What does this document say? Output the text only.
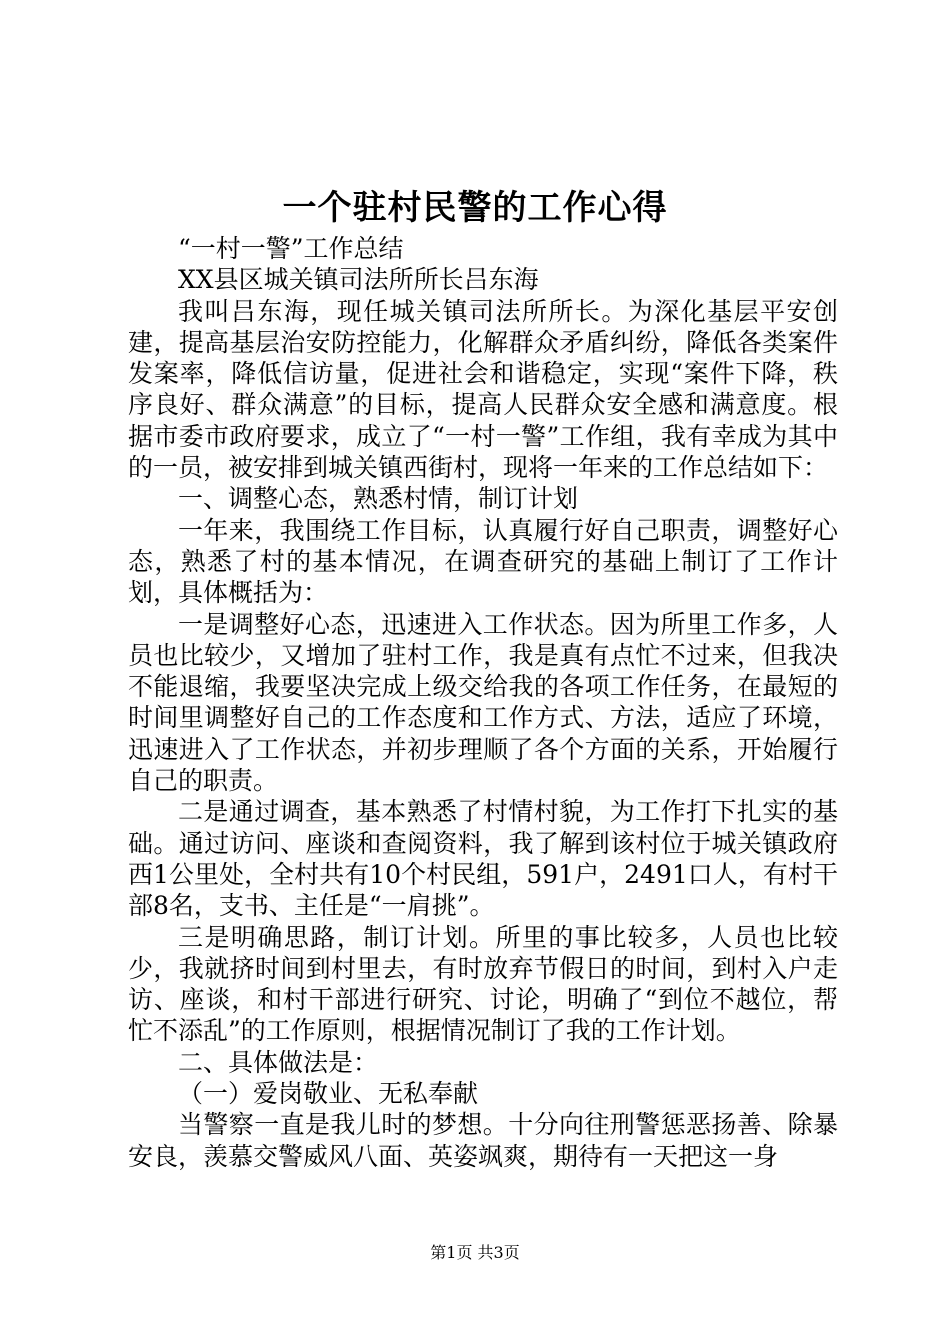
一个驻村民警的工作心得

“一村一警”工作总结

XX县区城关镇司法所所长吕东海

我叫吕东海，现任城关镇司法所所长。为深化基层平安创建，提高基层治安防控能力，化解群众矛盾纠纷，降低各类案件发案率，降低信访量，促进社会和谐稳定，实现“案件下降，秩序良好、群众满意”的目标，提高人民群众安全感和满意度。根据市委市政府要求，成立了“一村一警”工作组，我有幸成为其中的一员，被安排到城关镇西街村，现将一年来的工作总结如下：

一、调整心态，熟悉村情，制订计划

一年来，我围绕工作目标，认真履行好自己职责，调整好心态，熟悉了村的基本情况，在调查研究的基础上制订了工作计划，具体概括为：

一是调整好心态，迅速进入工作状态。因为所里工作多，人员也比较少，又增加了驻村工作，我是真有点忙不过来，但我决不能退缩，我要坚决完成上级交给我的各项工作任务，在最短的时间里调整好自己的工作态度和工作方式、方法，适应了环境，迅速进入了工作状态，并初步理顺了各个方面的关系，开始履行自己的职责。

二是通过调查，基本熟悉了村情村貌，为工作打下扎实的基础。通过访问、座谈和查阅资料，我了解到该村位于城关镇政府西1公里处，全村共有10个村民组，591户，2491口人，有村干部8名，支书、主任是“一肩挑”。

三是明确思路，制订计划。所里的事比较多，人员也比较少，我就挤时间到村里去，有时放弃节假日的时间，到村入户走访、座谈，和村干部进行研究、讨论，明确了“到位不越位，帮忙不添乱”的工作原则，根据情况制订了我的工作计划。

二、具体做法是：

（一）爱岗敬业、无私奉献

当警察一直是我儿时的梦想。十分向往刑警惩恶扬善、除暴安良，羡慕交警威风八面、英姿飒爽，期待有一天把这一身

第1页 共3页
